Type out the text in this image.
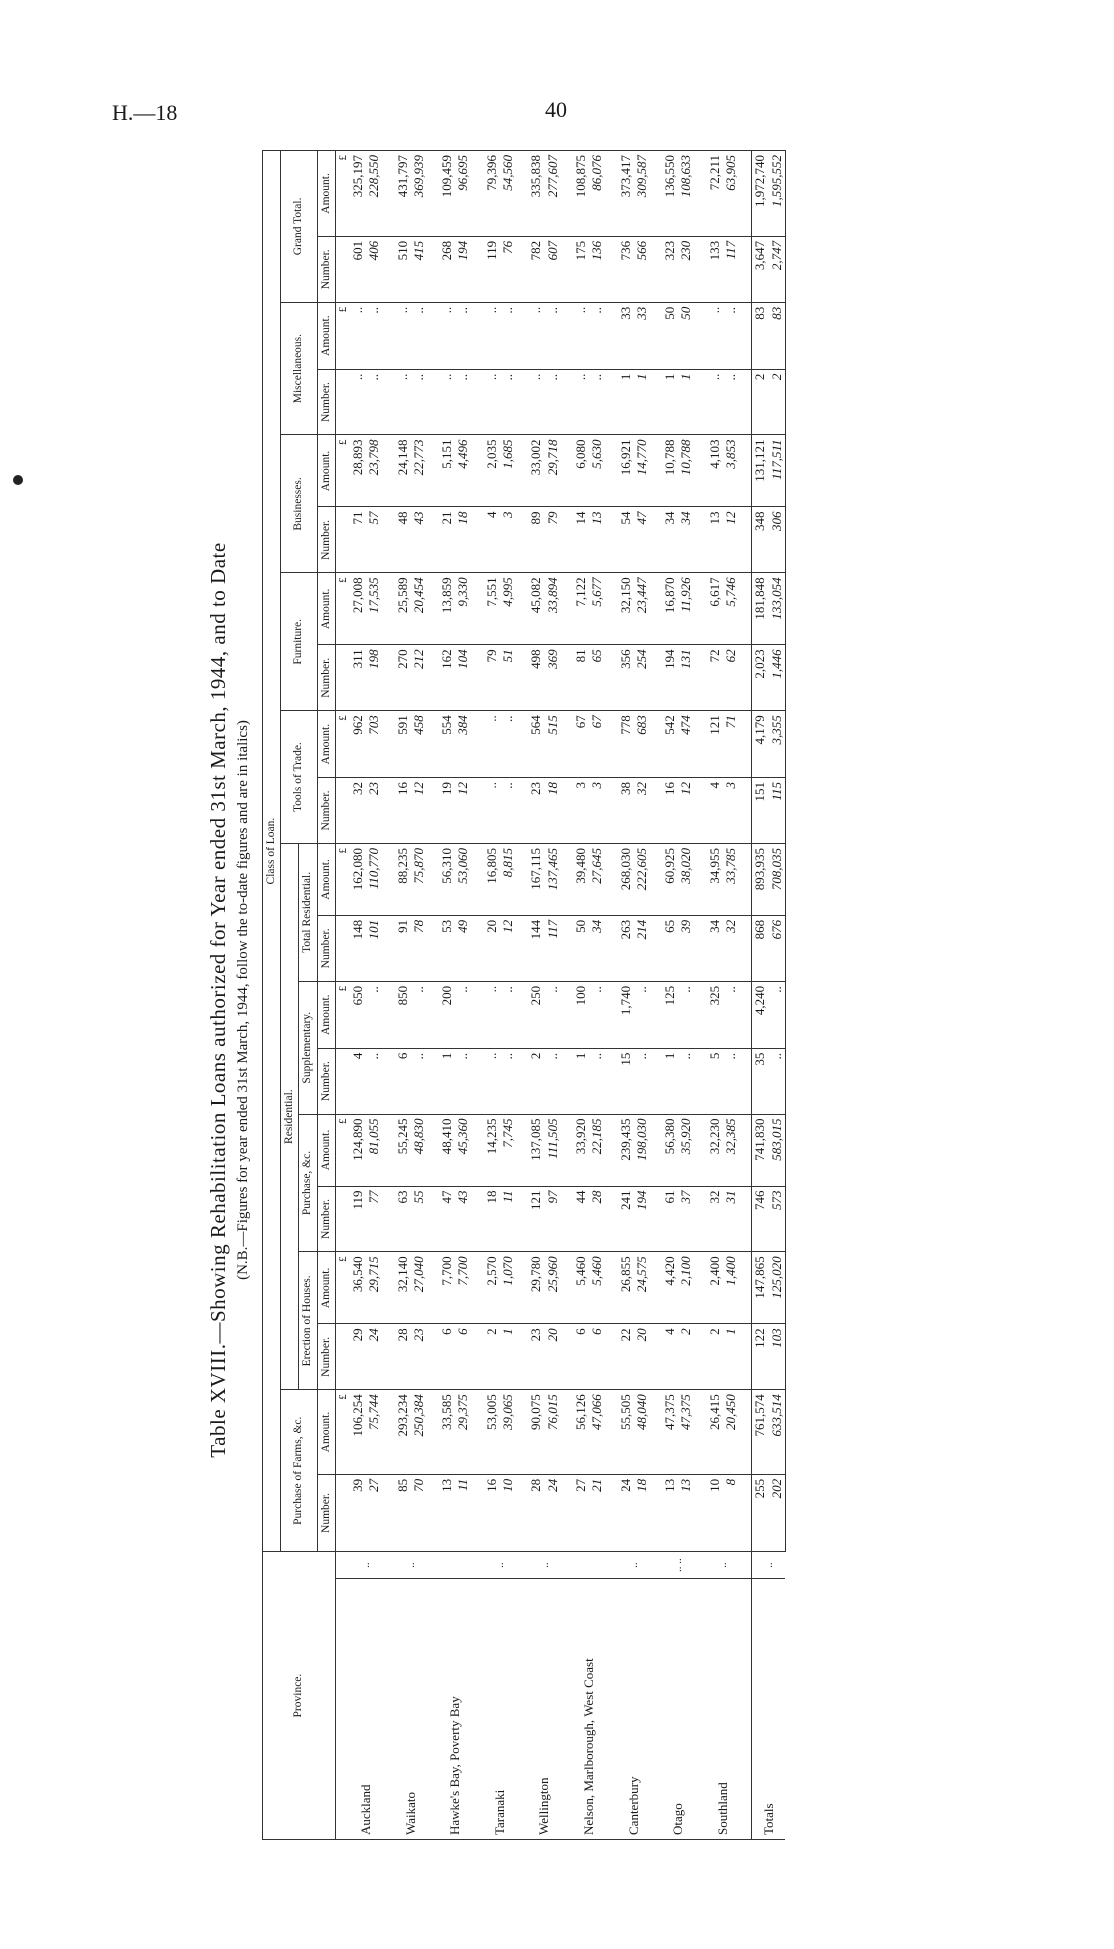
H.—18	40
Table XVIII.—Showing Rehabilitation Loans authorized for Year ended 31st March, 1944, and to Date (N.B.—Figures for year ended 31st March, 1944, follow the to-date figures and are in italics)
Province.		Class of Loan.																			
		Purchase of Farms, &c.		Residential.								Tools of Trade.		Furniture.		Businesses.		Miscellaneous.		Grand Total.	
				Erection of Houses.		Purchase, &c.		Supplementary.		Total Residential.											
		Number.	Amount.	Number.	Amount.	Number.	Amount.	Number.	Amount.	Number.	Amount.	Number.	Amount.	Number.	Amount.	Number.	Amount.	Number.	Amount.	Number.	Amount.
			£		£		£		£		£		£		£		£		£		£
Auckland	..	39	106,254	29	36,540	119	124,890	4	650	148	162,080	32	962	311	27,008	71	28,893	..	..	601	325,197
		27	75,744	24	29,715	77	81,055	..	..	101	110,770	23	703	198	17,535	57	23,798	..	..	406	228,550

Waikato	..	85	293,234	28	32,140	63	55,245	6	850	91	88,235	16	591	270	25,589	48	24,148	..	..	510	431,797
		70	250,384	23	27,040	55	48,830	..	..	78	75,870	12	458	212	20,454	43	22,773	..	..	415	369,939

Hawke's Bay, Poverty Bay		13	33,585	6	7,700	47	48,410	1	200	53	56,310	19	554	162	13,859	21	5,151	..	..	268	109,459
		11	29,375	6	7,700	43	45,360	..	..	49	53,060	12	384	104	9,330	18	4,496	..	..	194	96,695

Taranaki	..	16	53,005	2	2,570	18	14,235	..	..	20	16,805	..	..	79	7,551	4	2,035	..	..	119	79,396
		10	39,065	1	1,070	11	7,745	..	..	12	8,815	..	..	51	4,995	3	1,685	..	..	76	54,560

Wellington	..	28	90,075	23	29,780	121	137,085	2	250	144	167,115	23	564	498	45,082	89	33,002	..	..	782	335,838
		24	76,015	20	25,960	97	111,505	..	..	117	137,465	18	515	369	33,894	79	29,718	..	..	607	277,607

Nelson, Marlborough, West Coast		27	56,126	6	5,460	44	33,920	1	100	50	39,480	3	67	81	7,122	14	6,080	..	..	175	108,875
		21	47,066	6	5,460	28	22,185	..	..	34	27,645	3	67	65	5,677	13	5,630	..	..	136	86,076

Canterbury	..	24	55,505	22	26,855	241	239,435	15	1,740	263	268,030	38	778	356	32,150	54	16,921	1	33	736	373,417
		18	48,040	20	24,575	194	198,030	..	..	214	222,605	32	683	254	23,447	47	14,770	1	33	566	309,587

Otago	.. ..	13	47,375	4	4,420	61	56,380	1	125	65	60,925	16	542	194	16,870	34	10,788	1	50	323	136,550
		13	47,375	2	2,100	37	35,920	..	..	39	38,020	12	474	131	11,926	34	10,788	1	50	230	108,633

Southland	..	10	26,415	2	2,400	32	32,230	5	325	34	34,955	4	121	72	6,617	13	4,103	..	..	133	72,211
		8	20,450	1	1,400	31	32,385	..	..	32	33,785	3	71	62	5,746	12	3,853	..	..	117	63,905

Totals	..	255	761,574	122	147,865	746	741,830	35	4,240	868	893,935	151	4,179	2,023	181,848	348	131,121	2	83	3,647	1,972,740
		202	633,514	103	125,020	573	583,015	..	..	676	708,035	115	3,355	1,446	133,054	306	117,511	2	83	2,747	1,595,552
